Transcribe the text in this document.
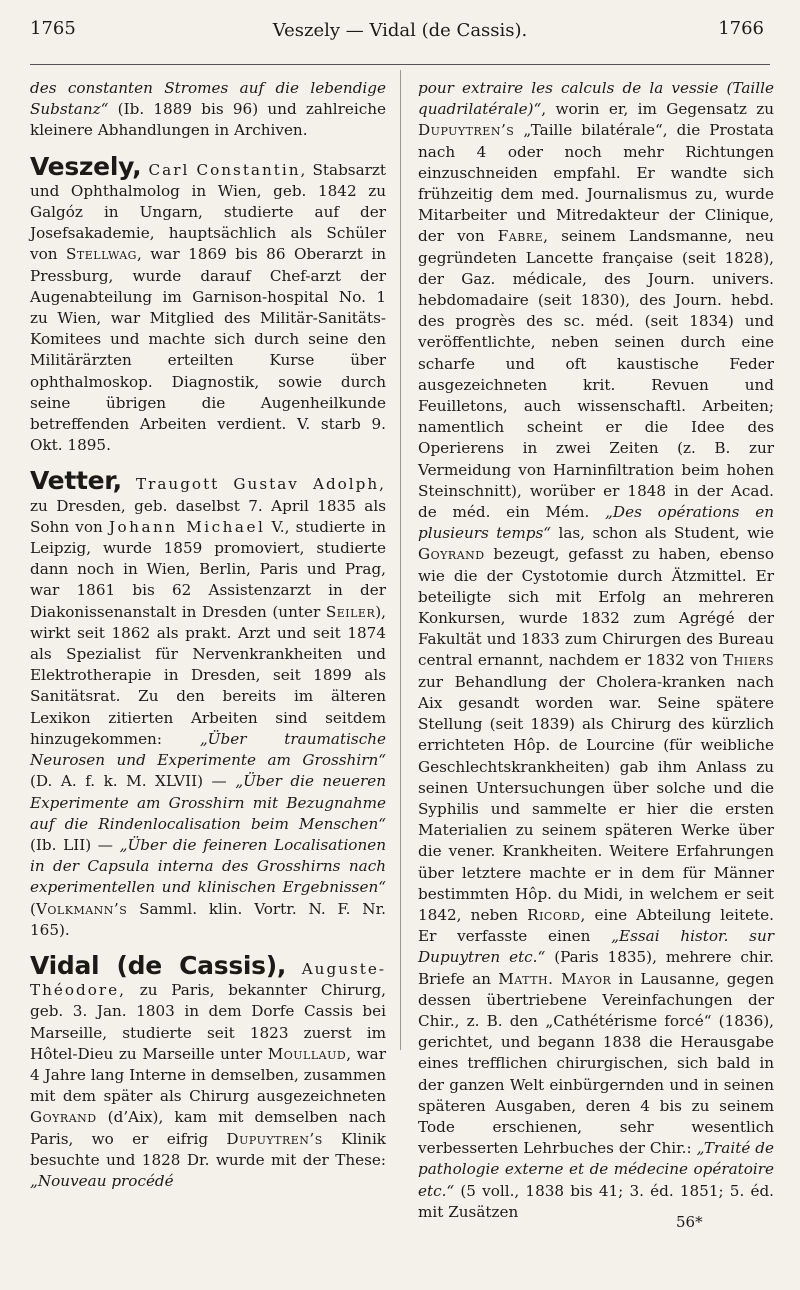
1765	Veszely — Vidal (de Cassis).	1766

des constanten Stromes auf die lebendige Substanz“ (Ib. 1889 bis 96) und zahlreiche kleinere Abhandlungen in Archiven.

Veszely, Carl Constantin, Stabsarzt und Ophthalmolog in Wien, geb. 1842 zu Galgóz in Ungarn, studierte auf der Josefsakademie, hauptsächlich als Schüler von Stellwag, war 1869 bis 86 Oberarzt in Pressburg, wurde darauf Chef-arzt der Augenabteilung im Garnison-hospital No. 1 zu Wien, war Mitglied des Militär-Sanitäts-Komitees und machte sich durch seine den Militärärzten erteilten Kurse über ophthalmoskop. Diagnostik, sowie durch seine übrigen die Augenheilkunde betreffenden Arbeiten verdient. V. starb 9. Okt. 1895.

Vetter, Traugott Gustav Adolph, zu Dresden, geb. daselbst 7. April 1835 als Sohn von Johann Michael V., studierte in Leipzig, wurde 1859 promoviert, studierte dann noch in Wien, Berlin, Paris und Prag, war 1861 bis 62 Assistenzarzt in der Diakonissenanstalt in Dresden (unter Seiler), wirkt seit 1862 als prakt. Arzt und seit 1874 als Spezialist für Nervenkrankheiten und Elektrotherapie in Dresden, seit 1899 als Sanitätsrat. Zu den bereits im älteren Lexikon zitierten Arbeiten sind seitdem hinzugekommen: „Über traumatische Neurosen und Experimente am Grosshirn“ (D. A. f. k. M. XLVII) — „Über die neueren Experimente am Grosshirn mit Bezugnahme auf die Rindenlocalisation beim Menschen“ (Ib. LII) — „Über die feineren Localisationen in der Capsula interna des Grosshirns nach experimentellen und klinischen Ergebnissen“ (Volkmann’s Samml. klin. Vortr. N. F. Nr. 165).

Vidal (de Cassis), Auguste-Théodore, zu Paris, bekannter Chirurg, geb. 3. Jan. 1803 in dem Dorfe Cassis bei Marseille, studierte seit 1823 zuerst im Hôtel-Dieu zu Marseille unter Moullaud, war 4 Jahre lang Interne in demselben, zusammen mit dem später als Chirurg ausgezeichneten Goyrand (d’Aix), kam mit demselben nach Paris, wo er eifrig Dupuytren’s Klinik besuchte und 1828 Dr. wurde mit der These: „Nouveau procédé

pour extraire les calculs de la vessie (Taille quadrilatérale)“, worin er, im Gegensatz zu Dupuytren’s „Taille bilatérale“, die Prostata nach 4 oder noch mehr Richtungen einzuschneiden empfahl. Er wandte sich frühzeitig dem med. Journalismus zu, wurde Mitarbeiter und Mitredakteur der Clinique, der von Fabre, seinem Landsmanne, neu gegründeten Lancette française (seit 1828), der Gaz. médicale, des Journ. univers. hebdomadaire (seit 1830), des Journ. hebd. des progrès des sc. méd. (seit 1834) und veröffentlichte, neben seinen durch eine scharfe und oft kaustische Feder ausgezeichneten krit. Revuen und Feuilletons, auch wissenschaftl. Arbeiten; namentlich scheint er die Idee des Operierens in zwei Zeiten (z. B. zur Vermeidung von Harninfiltration beim hohen Steinschnitt), worüber er 1848 in der Acad. de méd. ein Mém. „Des opérations en plusieurs temps“ las, schon als Student, wie Goyrand bezeugt, gefasst zu haben, ebenso wie die der Cystotomie durch Ätzmittel. Er beteiligte sich mit Erfolg an mehreren Konkursen, wurde 1832 zum Agrégé der Fakultät und 1833 zum Chirurgen des Bureau central ernannt, nachdem er 1832 von Thiers zur Behandlung der Cholera-kranken nach Aix gesandt worden war. Seine spätere Stellung (seit 1839) als Chirurg des kürzlich errichteten Hôp. de Lourcine (für weibliche Geschlechtskrankheiten) gab ihm Anlass zu seinen Untersuchungen über solche und die Syphilis und sammelte er hier die ersten Materialien zu seinem späteren Werke über die vener. Krankheiten. Weitere Erfahrungen über letztere machte er in dem für Männer bestimmten Hôp. du Midi, in welchem er seit 1842, neben Ricord, eine Abteilung leitete. Er verfasste einen „Essai histor. sur Dupuytren etc.“ (Paris 1835), mehrere chir. Briefe an Matth. Mayor in Lausanne, gegen dessen übertriebene Vereinfachungen der Chir., z. B. den „Cathétérisme forcé“ (1836), gerichtet, und begann 1838 die Herausgabe eines trefflichen chirurgischen, sich bald in der ganzen Welt einbürgernden und in seinen späteren Ausgaben, deren 4 bis zu seinem Tode erschienen, sehr wesentlich verbesserten Lehrbuches der Chir.: „Traité de pathologie externe et de médecine opératoire etc.“ (5 voll., 1838 bis 41; 3. éd. 1851; 5. éd. mit Zusätzen

56*
